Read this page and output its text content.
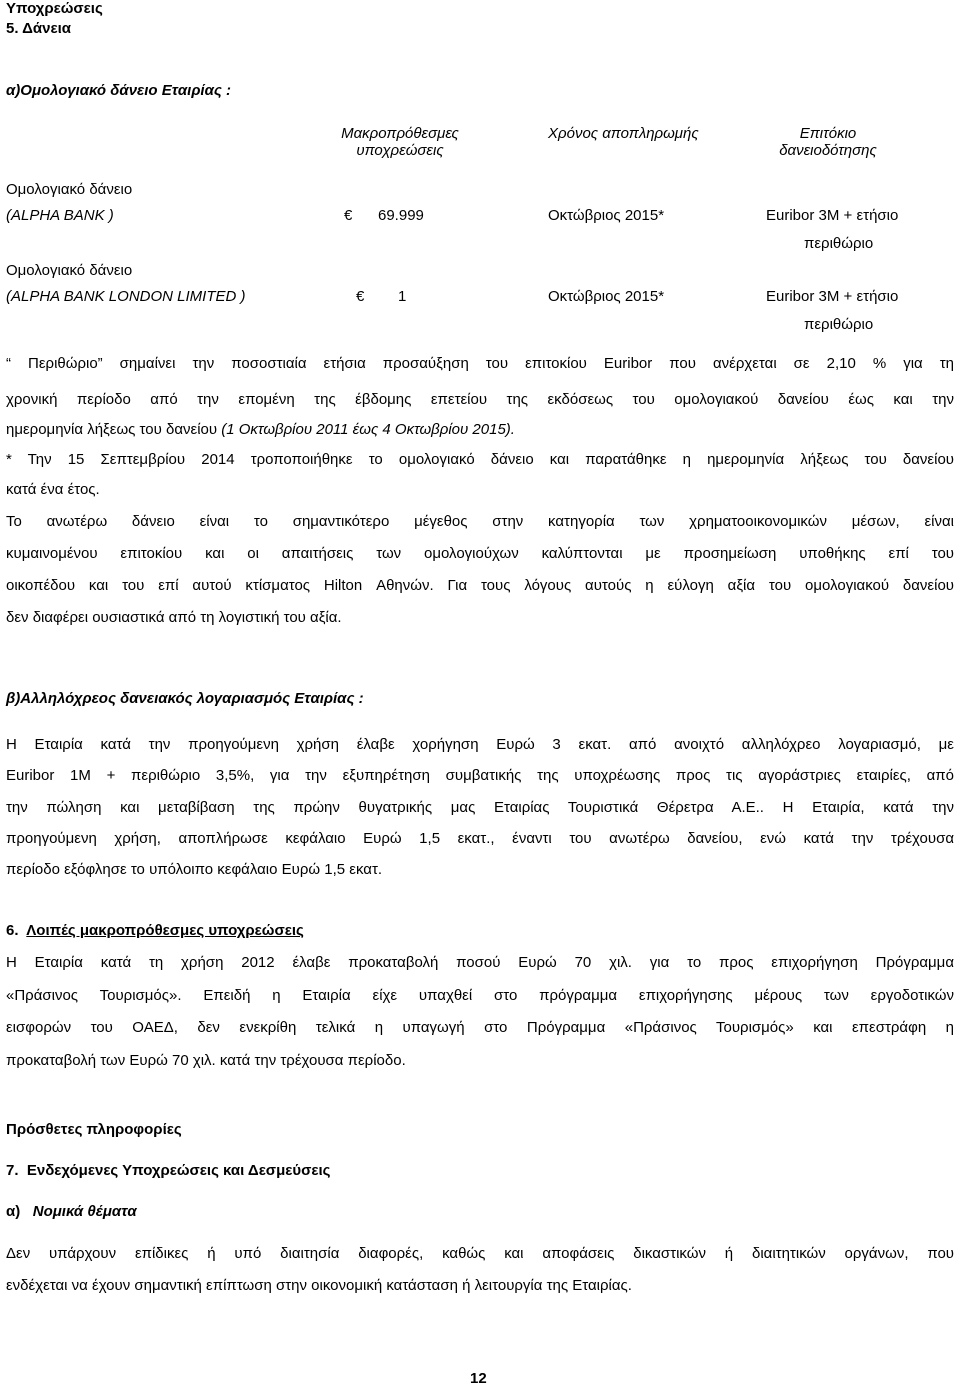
Υποχρεώσεις
5. Δάνεια
α)Ομολογιακό δάνειο Εταιρίας :
Μακροπρόθεσμες
υποχρεώσεις
Χρόνος αποπληρωμής	Επιτόκιο
δανειοδότησης
Ομολογιακό δάνειο
(ALPHA BANK )	€ 69.999	Οκτώβριος 2015*	Euribor 3M + ετήσιο
περιθώριο
Ομολογιακό δάνειο
(ALPHA BANK LONDON LIMITED )	€ 1	Οκτώβριος 2015*	Euribor 3M + ετήσιο
περιθώριο
“ Περιθώριο” σημαίνει την ποσοστιαία ετήσια προσαύξηση του επιτοκίου Euribor που ανέρχεται σε 2,10 % για τη
χρονική περίοδο από την επομένη της έβδομης επετείου της εκδόσεως του ομολογιακού δανείου έως και την
ημερομηνία λήξεως του δανείου (1 Οκτωβρίου 2011 έως 4 Οκτωβρίου 2015).
* Την 15 Σεπτεμβρίου 2014 τροποποιήθηκε το ομολογιακό δάνειο και παρατάθηκε η ημερομηνία λήξεως του δανείου
κατά ένα έτος.
Το ανωτέρω δάνειο είναι το σημαντικότερο μέγεθος στην κατηγορία των χρηματοοικονομικών μέσων, είναι
κυμαινομένου επιτοκίου και οι απαιτήσεις των ομολογιούχων καλύπτονται με προσημείωση υποθήκης επί του
οικοπέδου και του επί αυτού κτίσματος Hilton Αθηνών. Για τους λόγους αυτούς η εύλογη αξία του ομολογιακού δανείου
δεν διαφέρει ουσιαστικά από τη λογιστική του αξία.
β)Αλληλόχρεος δανειακός λογαριασμός Εταιρίας :
Η Εταιρία κατά την προηγούμενη χρήση έλαβε χορήγηση Ευρώ 3 εκατ. από ανοιχτό αλληλόχρεο λογαριασμό, με
Euribor 1M + περιθώριο 3,5%, για την εξυπηρέτηση συμβατικής της υποχρέωσης προς τις αγοράστριες εταιρίες, από
την πώληση και μεταβίβαση της πρώην θυγατρικής μας Εταιρίας Τουριστικά Θέρετρα Α.Ε.. Η Εταιρία, κατά την
προηγούμενη χρήση, αποπλήρωσε κεφάλαιο Ευρώ 1,5 εκατ., έναντι του ανωτέρω δανείου, ενώ κατά την τρέχουσα
περίοδο εξόφλησε το υπόλοιπο κεφάλαιο Ευρώ 1,5 εκατ.
6. Λοιπές μακροπρόθεσμες υποχρεώσεις
Η Εταιρία κατά τη χρήση 2012 έλαβε προκαταβολή ποσού Ευρώ 70 χιλ. για το προς επιχορήγηση Πρόγραμμα
«Πράσινος Τουρισμός». Επειδή η Εταιρία είχε υπαχθεί στο πρόγραμμα επιχορήγησης μέρους των εργοδοτικών
εισφορών του ΟΑΕΔ, δεν ενεκρίθη τελικά η υπαγωγή στο Πρόγραμμα «Πράσινος Τουρισμός» και επεστράφη η
προκαταβολή των Ευρώ 70 χιλ. κατά την τρέχουσα περίοδο.
Πρόσθετες πληροφορίες
7. Ενδεχόμενες Υποχρεώσεις και Δεσμεύσεις
α) Νομικά θέματα
Δεν υπάρχουν επίδικες ή υπό διαιτησία διαφορές, καθώς και αποφάσεις δικαστικών ή διαιτητικών οργάνων, που
ενδέχεται να έχουν σημαντική επίπτωση στην οικονομική κατάσταση ή λειτουργία της Εταιρίας.
12
